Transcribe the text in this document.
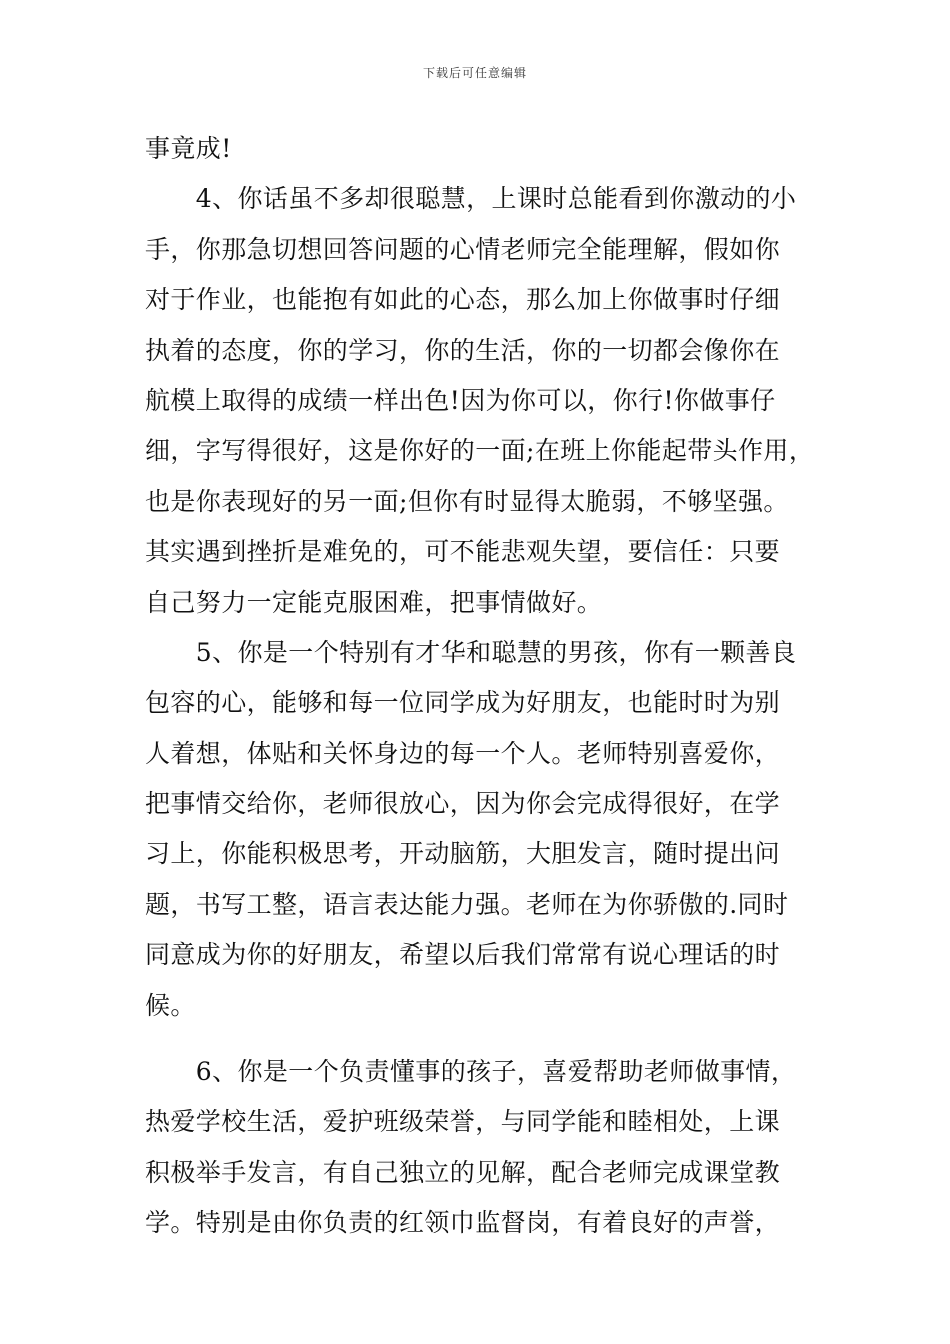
下载后可任意编辑
事竟成!
　　4、你话虽不多却很聪慧，上课时总能看到你激动的小
手，你那急切想回答问题的心情老师完全能理解，假如你
对于作业，也能抱有如此的心态，那么加上你做事时仔细
执着的态度，你的学习，你的生活，你的一切都会像你在
航模上取得的成绩一样出色!因为你可以，你行!你做事仔
细，字写得很好，这是你好的一面;在班上你能起带头作用，
也是你表现好的另一面;但你有时显得太脆弱，不够坚强。
其实遇到挫折是难免的，可不能悲观失望，要信任：只要
自己努力一定能克服困难，把事情做好。
　　5、你是一个特别有才华和聪慧的男孩，你有一颗善良
包容的心，能够和每一位同学成为好朋友，也能时时为别
人着想，体贴和关怀身边的每一个人。老师特别喜爱你，
把事情交给你，老师很放心，因为你会完成得很好，在学
习上，你能积极思考，开动脑筋，大胆发言，随时提出问
题，书写工整，语言表达能力强。老师在为你骄傲的.同时
同意成为你的好朋友，希望以后我们常常有说心理话的时
候。
　　6、你是一个负责懂事的孩子，喜爱帮助老师做事情，
热爱学校生活，爱护班级荣誉，与同学能和睦相处，上课
积极举手发言，有自己独立的见解，配合老师完成课堂教
学。特别是由你负责的红领巾监督岗，有着良好的声誉，
